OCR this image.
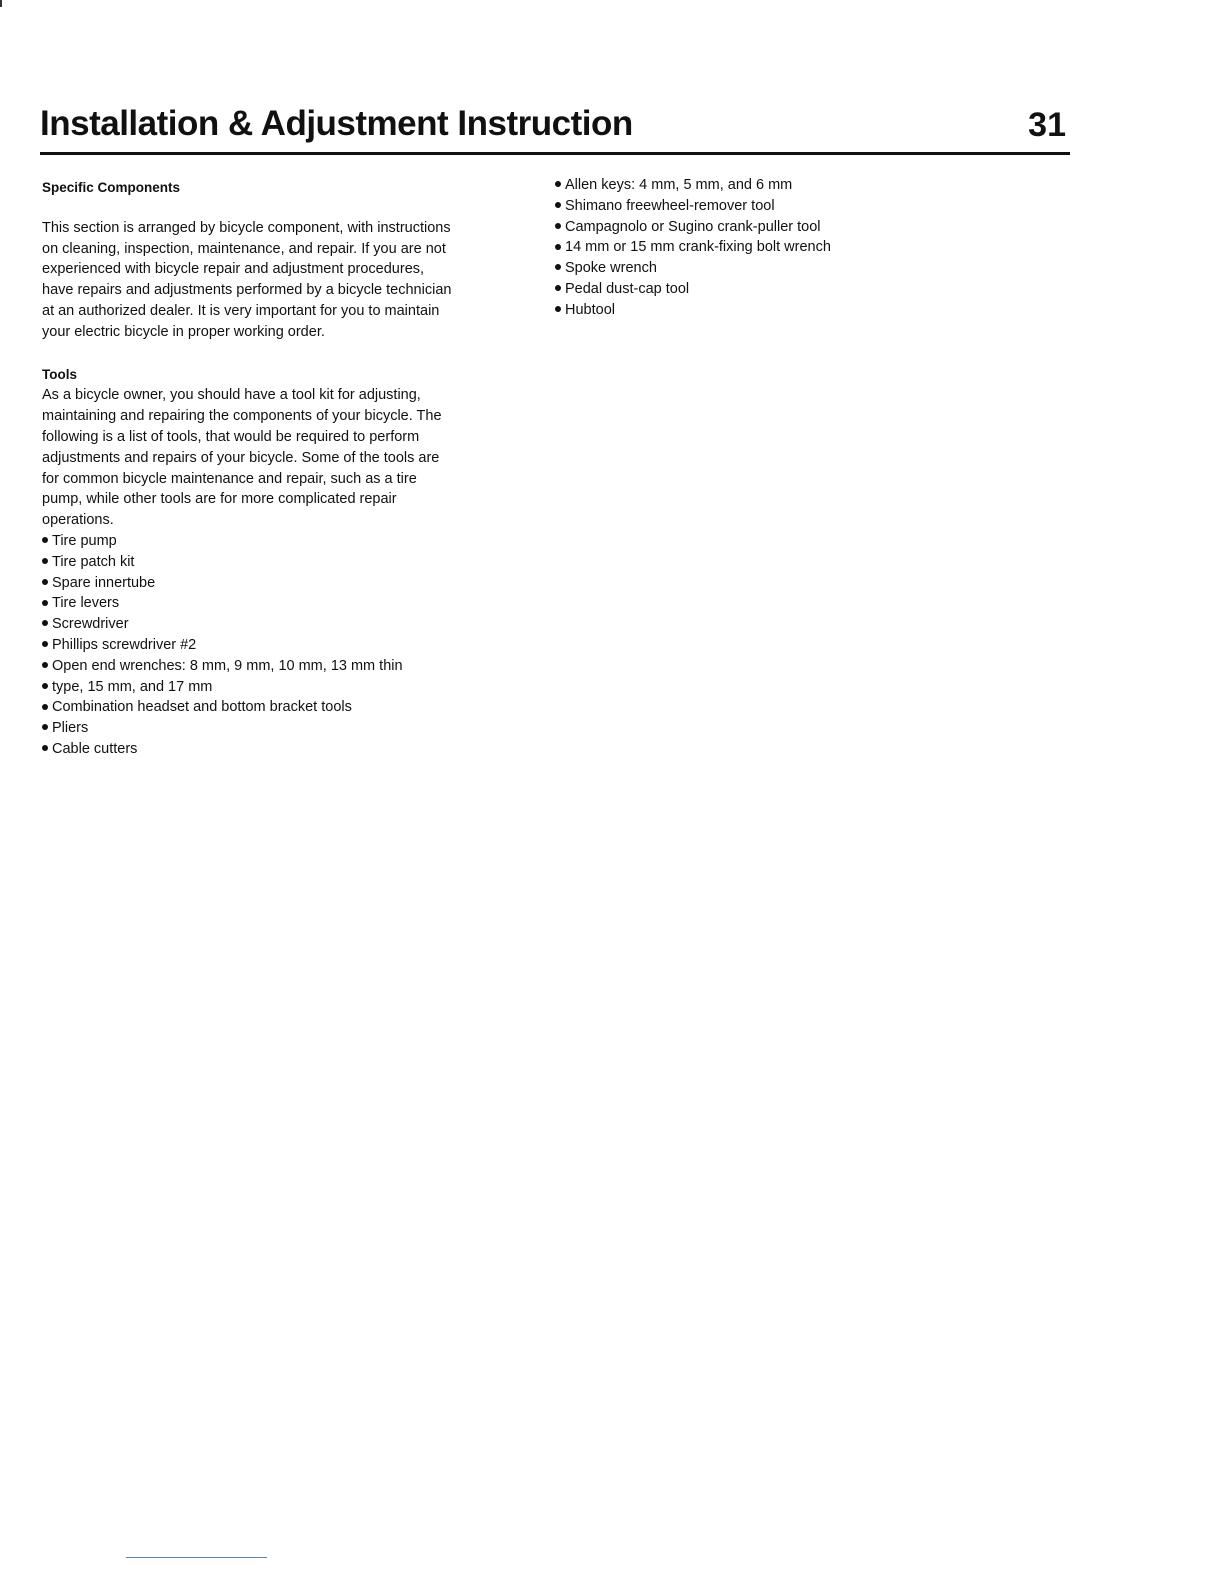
Installation & Adjustment Instruction	31

Specific Components

This section is arranged by bicycle component, with instructions
on cleaning, inspection, maintenance, and repair. If you are not
experienced with bicycle repair and adjustment procedures,
have repairs and adjustments performed by a bicycle technician
at an authorized dealer. It is very important for you to maintain
your electric bicycle in proper working order.

Tools

As a bicycle owner, you should have a tool kit for adjusting,
maintaining and repairing the components of your bicycle. The
following is a list of tools, that would be required to perform
adjustments and repairs of your bicycle. Some of the tools are
for common bicycle maintenance and repair, such as a tire
pump, while other tools are for more complicated repair
operations.

Tire pump
Tire patch kit
Spare innertube
Tire levers
Screwdriver
Phillips screwdriver #2
Open end wrenches: 8 mm, 9 mm, 10 mm, 13 mm thin
type, 15 mm, and 17 mm
Combination headset and bottom bracket tools
Pliers
Cable cutters
Allen keys: 4 mm, 5 mm, and 6 mm
Shimano freewheel-remover tool
Campagnolo or Sugino crank-puller tool
14 mm or 15 mm crank-fixing bolt wrench
Spoke wrench
Pedal dust-cap tool
Hubtool
